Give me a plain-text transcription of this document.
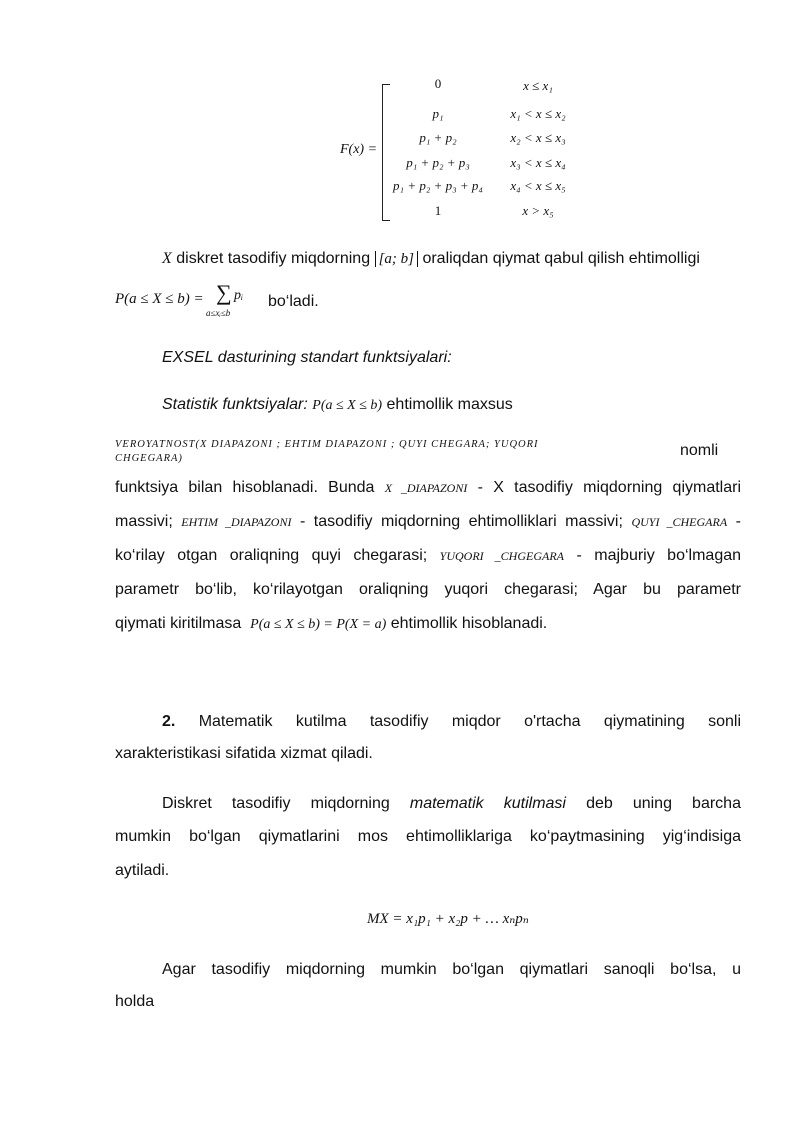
F(x) =
0	x ≤ x₁
p₁	x₁ < x ≤ x₂
p₁ + p₂	x₂ < x ≤ x₃
p₁ + p₂ + p₃	x₃ < x ≤ x₄
p₁ + p₂ + p₃ + p₄	x₄ < x ≤ x₅
1	x > x₅
X diskret tasodifiy miqdorning [a; b] oraliqdan qiymat qabul qilish ehtimolligi
P(a ≤ X ≤ b) = ∑ pᵢ
a≤xᵢ≤b
bo‘ladi.
EXSEL dasturining standart funktsiyalari:
Statistik funktsiyalar: P(a ≤ X ≤ b) ehtimollik maxsus
VEROYATNOST(X DIAPAZONI ; EHTIM DIAPAZONI ; QUYI CHEGARA; YUQORI
CHGEGARA)	nomli
funktsiya bilan hisoblanadi. Bunda X _DIAPAZONI - X tasodifiy miqdorning qiymatlari
massivi; EHTIM _DIAPAZONI - tasodifiy miqdorning ehtimolliklari massivi; QUYI _CHEGARA -
ko‘rilay otgan oraliqning quyi chegarasi; YUQORI _CHGEGARA - majburiy bo‘lmagan
parametr bo‘lib, ko‘rilayotgan oraliqning yuqori chegarasi; Agar bu parametr
qiymati kiritilmasa P(a ≤ X ≤ b) = P(X = a) ehtimollik hisoblanadi.
2. Matematik kutilma tasodifiy miqdor o'rtacha qiymatining sonli
xarakteristikasi sifatida xizmat qiladi.
Diskret tasodifiy miqdorning matematik kutilmasi deb uning barcha
mumkin bo‘lgan qiymatlarini mos ehtimolliklariga ko‘paytmasining yig‘indisiga
aytiladi.
MX = x₁p₁ + x₂p + … xₙpₙ
Agar tasodifiy miqdorning mumkin bo‘lgan qiymatlari sanoqli bo‘lsa, u
holda
